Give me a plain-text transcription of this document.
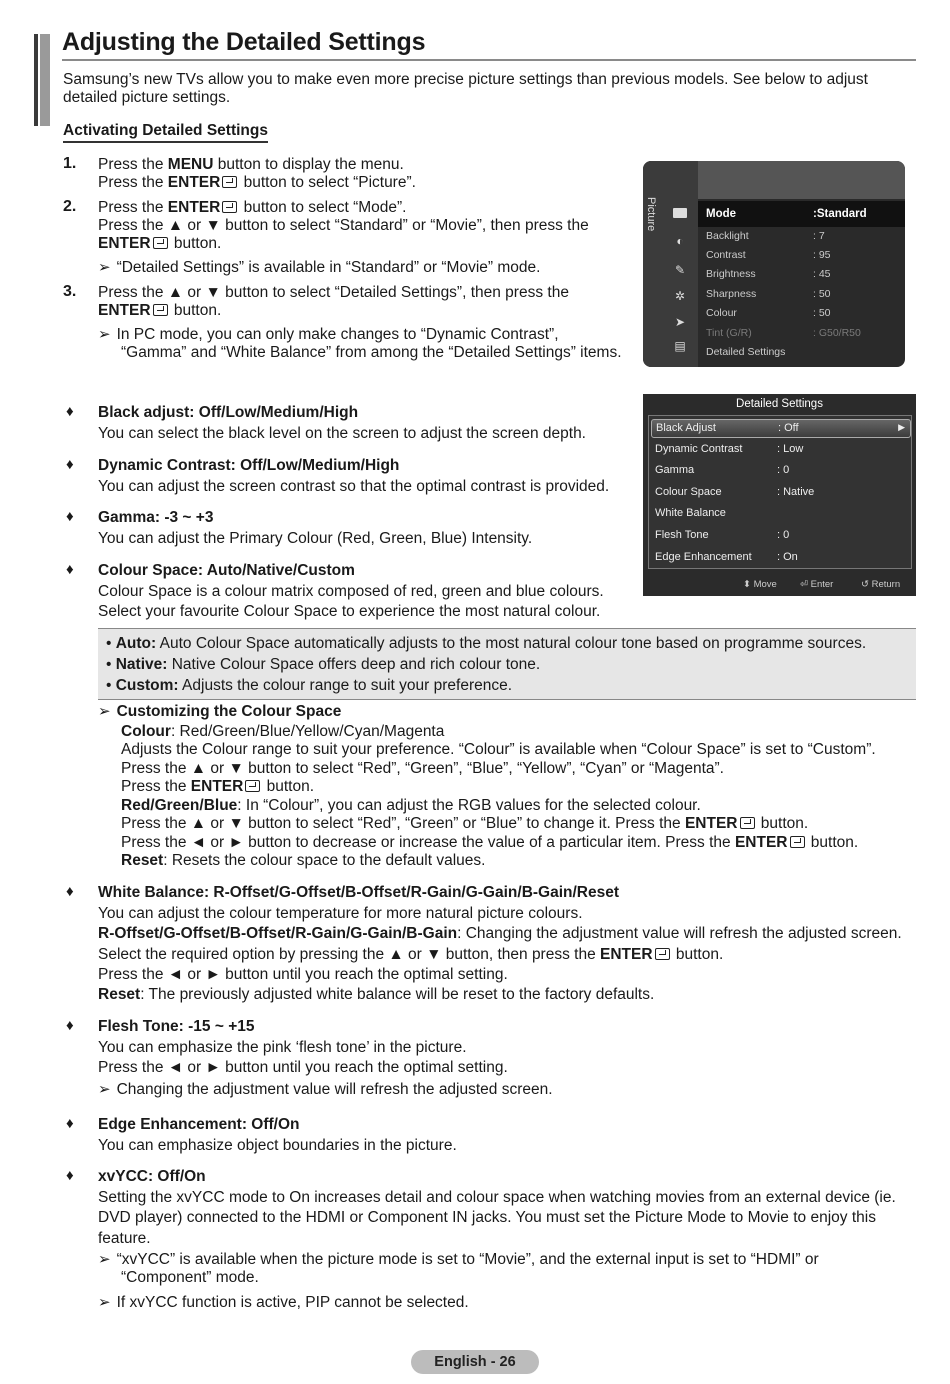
Adjusting the Detailed Settings
Samsung’s new TVs allow you to make even more precise picture settings than previous models. See below to adjust detailed picture settings.
Activating Detailed Settings
1. Press the MENU button to display the menu.
Press the ENTER button to select “Picture”.
2. Press the ENTER button to select “Mode”.
Press the ▲ or ▼ button to select “Standard” or “Movie”, then press the
ENTER button.
➢ “Detailed Settings” is available in “Standard” or “Movie” mode.
3. Press the ▲ or ▼ button to select “Detailed Settings”, then press the
ENTER button.
➢ In PC mode, you can only make changes to “Dynamic Contrast”,
“Gamma” and “White Balance” from among the “Detailed Settings” items.
Picture
◐
✎
✲
➤
▤
Mode	:Standard
Backlight	: 7
Contrast	: 95
Brightness	: 45
Sharpness	: 50
Colour	: 50
Tint (G/R)	: G50/R50
Detailed Settings
Detailed Settings
Black Adjust	: Off	▶
Dynamic Contrast	: Low
Gamma	: 0
Colour Space	: Native
White Balance
Flesh Tone	: 0
Edge Enhancement : On
⬍ Move ⏎ Enter	↺ Return
♦ Black adjust: Off/Low/Medium/High
You can select the black level on the screen to adjust the screen depth.
♦ Dynamic Contrast: Off/Low/Medium/High
You can adjust the screen contrast so that the optimal contrast is provided.
♦ Gamma: -3 ~ +3
You can adjust the Primary Colour (Red, Green, Blue) Intensity.
♦ Colour Space: Auto/Native/Custom
Colour Space is a colour matrix composed of red, green and blue colours.
Select your favourite Colour Space to experience the most natural colour.
• Auto: Auto Colour Space automatically adjusts to the most natural colour tone based on programme sources.
• Native: Native Colour Space offers deep and rich colour tone.
• Custom: Adjusts the colour range to suit your preference.
➢ Customizing the Colour Space
Colour: Red/Green/Blue/Yellow/Cyan/Magenta
Adjusts the Colour range to suit your preference. “Colour” is available when “Colour Space” is set to “Custom”.
Press the ▲ or ▼ button to select “Red”, “Green”, “Blue”, “Yellow”, “Cyan” or “Magenta”.
Press the ENTER button.
Red/Green/Blue: In “Colour”, you can adjust the RGB values for the selected colour.
Press the ▲ or ▼ button to select “Red”, “Green” or “Blue” to change it. Press the ENTER button.
Press the ◄ or ► button to decrease or increase the value of a particular item. Press the ENTER button.
Reset: Resets the colour space to the default values.
♦ White Balance: R-Offset/G-Offset/B-Offset/R-Gain/G-Gain/B-Gain/Reset
You can adjust the colour temperature for more natural picture colours.
R-Offset/G-Offset/B-Offset/R-Gain/G-Gain/B-Gain: Changing the adjustment value will refresh the adjusted screen.
Select the required option by pressing the ▲ or ▼ button, then press the ENTER button.
Press the ◄ or ► button until you reach the optimal setting.
Reset: The previously adjusted white balance will be reset to the factory defaults.
♦ Flesh Tone: -15 ~ +15
You can emphasize the pink ‘flesh tone’ in the picture.
Press the ◄ or ► button until you reach the optimal setting.
➢ Changing the adjustment value will refresh the adjusted screen.
♦ Edge Enhancement: Off/On
You can emphasize object boundaries in the picture.
♦ xvYCC: Off/On
Setting the xvYCC mode to On increases detail and colour space when watching movies from an external device (ie.
DVD player) connected to the HDMI or Component IN jacks. You must set the Picture Mode to Movie to enjoy this
feature.
➢ “xvYCC” is available when the picture mode is set to “Movie”, and the external input is set to “HDMI” or
“Component” mode.
➢ If xvYCC function is active, PIP cannot be selected.
English - 26
